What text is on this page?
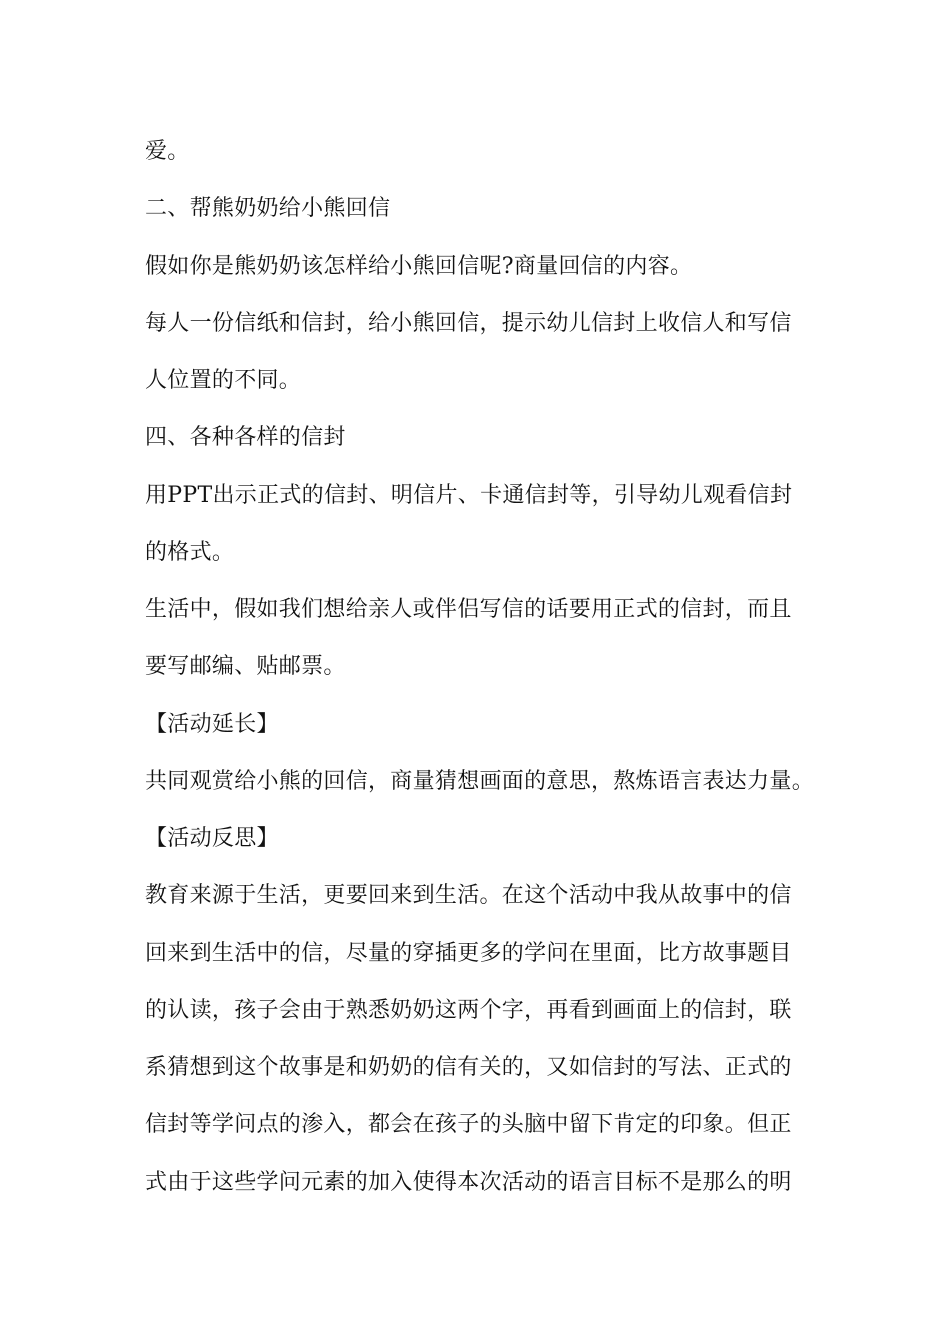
爱。
二、帮熊奶奶给小熊回信
假如你是熊奶奶该怎样给小熊回信呢?商量回信的内容。
每人一份信纸和信封，给小熊回信，提示幼儿信封上收信人和写信
人位置的不同。
四、各种各样的信封
用PPT出示正式的信封、明信片、卡通信封等，引导幼儿观看信封
的格式。
生活中，假如我们想给亲人或伴侣写信的话要用正式的信封，而且
要写邮编、贴邮票。
【活动延长】
共同观赏给小熊的回信，商量猜想画面的意思，熬炼语言表达力量。
【活动反思】
教育来源于生活，更要回来到生活。在这个活动中我从故事中的信
回来到生活中的信，尽量的穿插更多的学问在里面，比方故事题目
的认读，孩子会由于熟悉奶奶这两个字，再看到画面上的信封，联
系猜想到这个故事是和奶奶的信有关的，又如信封的写法、正式的
信封等学问点的渗入，都会在孩子的头脑中留下肯定的印象。但正
式由于这些学问元素的加入使得本次活动的语言目标不是那么的明
